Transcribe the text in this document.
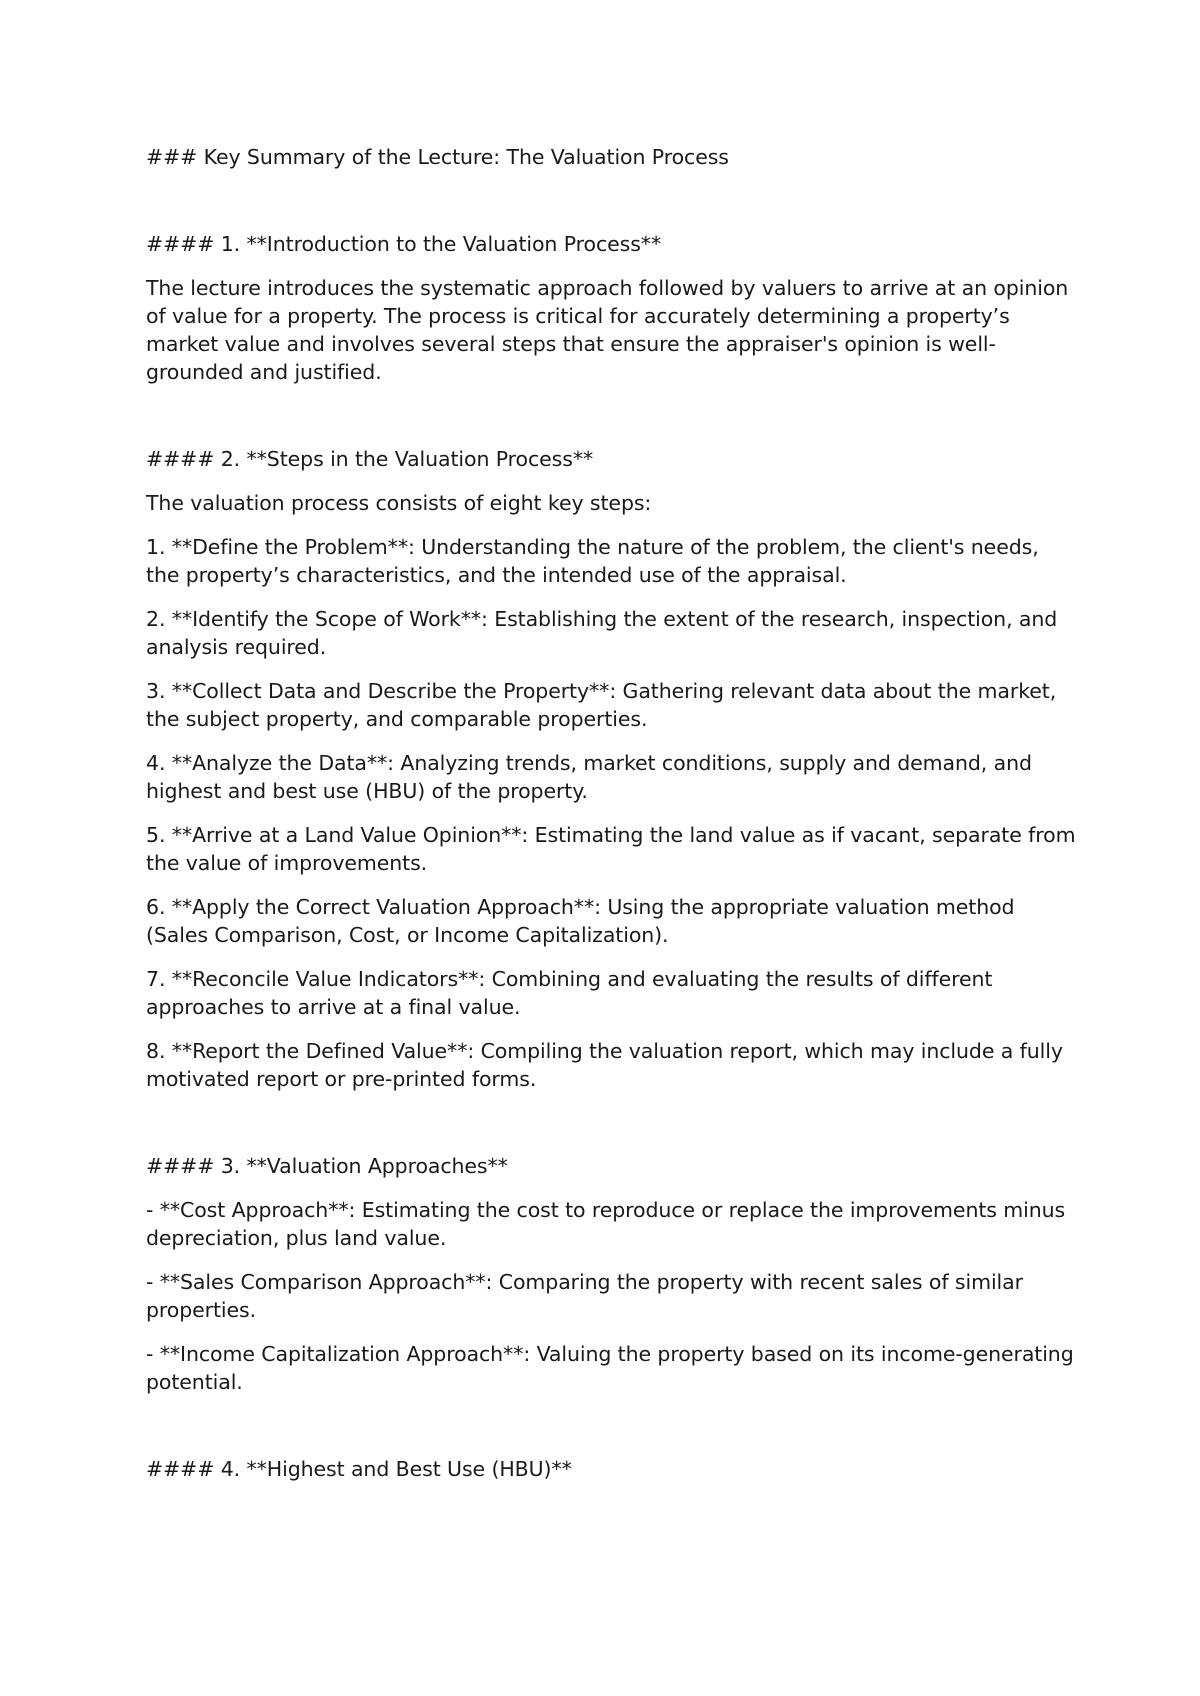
### Key Summary of the Lecture: The Valuation Process

#### 1. **Introduction to the Valuation Process**

The lecture introduces the systematic approach followed by valuers to arrive at an opinion of value for a property. The process is critical for accurately determining a property’s market value and involves several steps that ensure the appraiser's opinion is well-grounded and justified.

#### 2. **Steps in the Valuation Process**

The valuation process consists of eight key steps:

1. **Define the Problem**: Understanding the nature of the problem, the client's needs, the property’s characteristics, and the intended use of the appraisal.

2. **Identify the Scope of Work**: Establishing the extent of the research, inspection, and analysis required.

3. **Collect Data and Describe the Property**: Gathering relevant data about the market, the subject property, and comparable properties.

4. **Analyze the Data**: Analyzing trends, market conditions, supply and demand, and highest and best use (HBU) of the property.

5. **Arrive at a Land Value Opinion**: Estimating the land value as if vacant, separate from the value of improvements.

6. **Apply the Correct Valuation Approach**: Using the appropriate valuation method (Sales Comparison, Cost, or Income Capitalization).

7. **Reconcile Value Indicators**: Combining and evaluating the results of different approaches to arrive at a final value.

8. **Report the Defined Value**: Compiling the valuation report, which may include a fully motivated report or pre-printed forms.

#### 3. **Valuation Approaches**

- **Cost Approach**: Estimating the cost to reproduce or replace the improvements minus depreciation, plus land value.

- **Sales Comparison Approach**: Comparing the property with recent sales of similar properties.

- **Income Capitalization Approach**: Valuing the property based on its income-generating potential.

#### 4. **Highest and Best Use (HBU)**
